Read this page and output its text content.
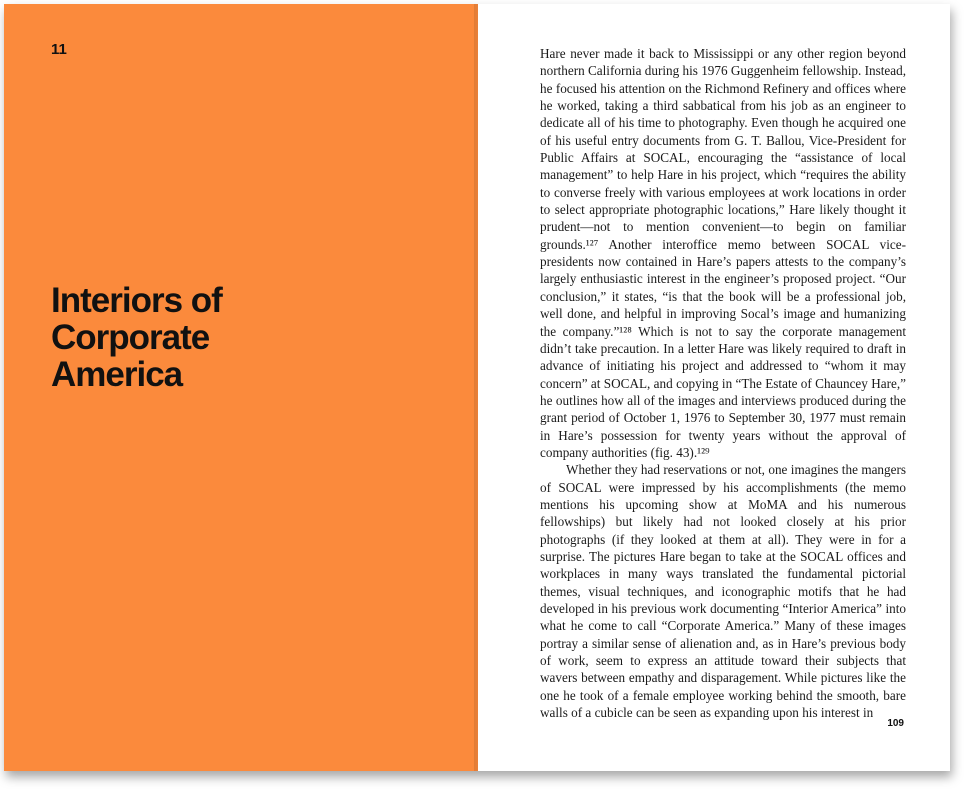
11
Interiors of
Corporate
America

Hare never made it back to Mississippi or any other region beyond northern California during his 1976 Guggenheim fellowship. Instead, he focused his attention on the Richmond Refinery and offices where he worked, taking a third sabbatical from his job as an engineer to dedicate all of his time to photography. Even though he acquired one of his useful entry documents from G. T. Ballou, Vice-President for Public Affairs at SOCAL, encouraging the “assistance of local management” to help Hare in his project, which “requires the ability to converse freely with various employees at work locations in order to select appropriate photographic locations,” Hare likely thought it prudent—not to mention convenient—to begin on familiar grounds.¹²⁷ Another interoffice memo between SOCAL vice-presidents now contained in Hare’s papers attests to the company’s largely enthusiastic interest in the engineer’s proposed project. “Our conclusion,” it states, “is that the book will be a professional job, well done, and helpful in improving Socal’s image and humanizing the company.”¹²⁸ Which is not to say the corporate management didn’t take precaution. In a letter Hare was likely required to draft in advance of initiating his project and addressed to “whom it may concern” at SOCAL, and copying in “The Estate of Chauncey Hare,” he outlines how all of the images and interviews produced during the grant period of October 1, 1976 to September 30, 1977 must remain in Hare’s possession for twenty years without the approval of company authorities (fig. 43).¹²⁹

Whether they had reservations or not, one imagines the mangers of SOCAL were impressed by his accomplishments (the memo mentions his upcoming show at MoMA and his numerous fellowships) but likely had not looked closely at his prior photographs (if they looked at them at all). They were in for a surprise. The pictures Hare began to take at the SOCAL offices and workplaces in many ways translated the fundamental pictorial themes, visual techniques, and iconographic motifs that he had developed in his previous work documenting “Interior America” into what he come to call “Corporate America.” Many of these images portray a similar sense of alienation and, as in Hare’s previous body of work, seem to express an attitude toward their subjects that wavers between empathy and disparagement. While pictures like the one he took of a female employee working behind the smooth, bare walls of a cubicle can be seen as expanding upon his interest in

109
